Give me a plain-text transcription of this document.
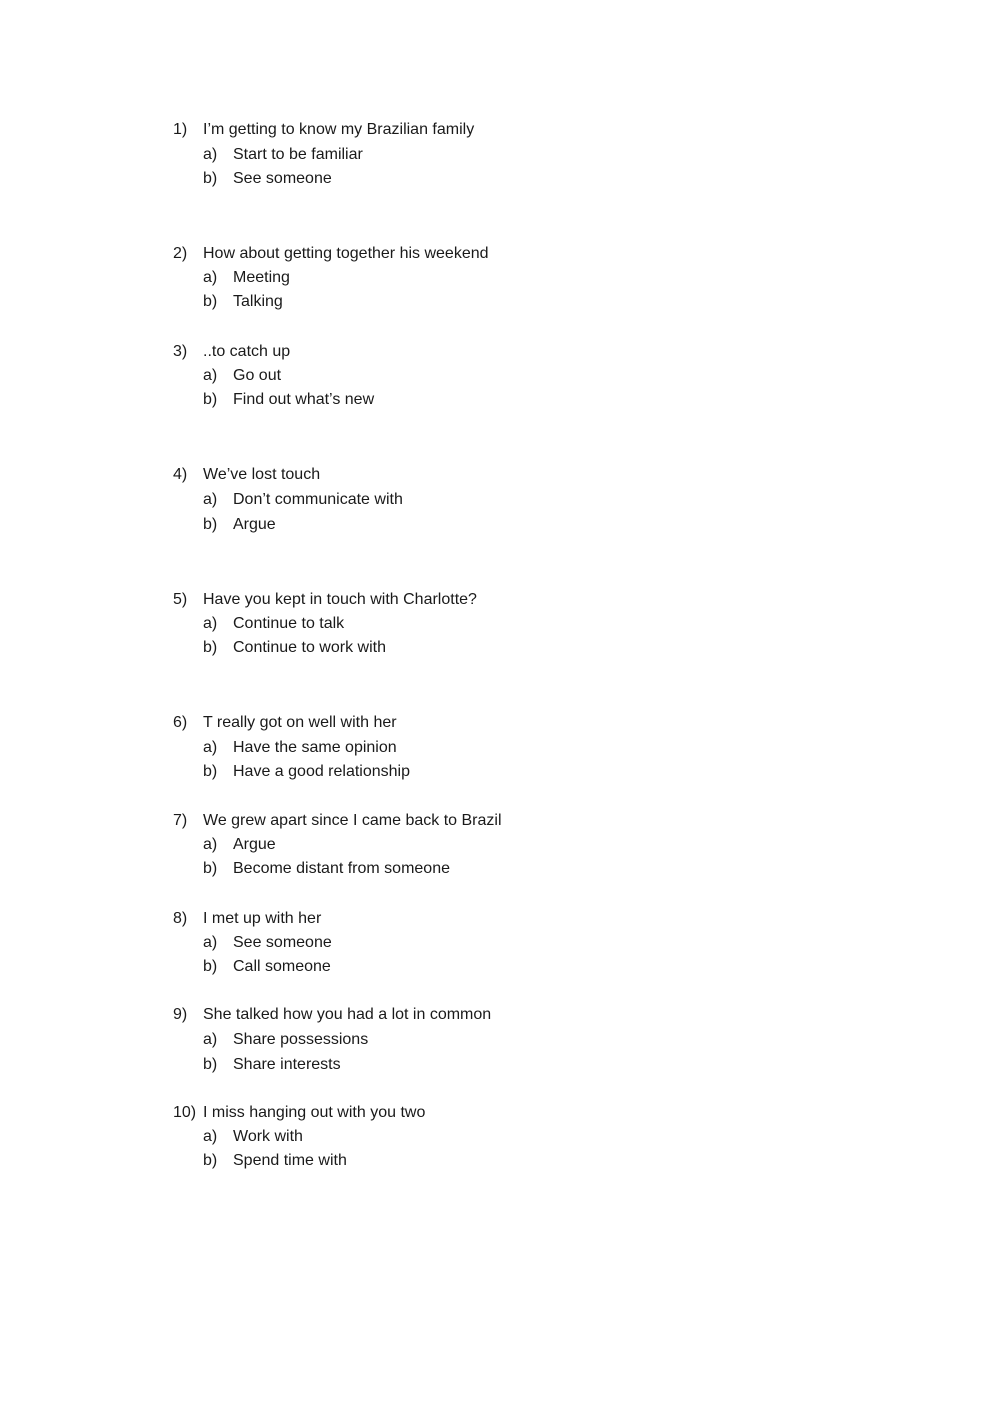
1) I’m getting to know my Brazilian family
a) Start to be familiar
b) See someone
2) How about getting together his weekend
a) Meeting
b) Talking
3) ..to catch up
a) Go out
b) Find out what’s new
4) We’ve lost touch
a) Don’t communicate with
b) Argue
5) Have you kept in touch with Charlotte?
a) Continue to talk
b) Continue to work with
6) T really got on well with her
a) Have the same opinion
b) Have a good relationship
7) We grew apart since I came back to Brazil
a) Argue
b) Become distant from someone
8) I met up with her
a) See someone
b) Call someone
9) She talked how you had a lot in common
a) Share possessions
b) Share interests
10) I miss hanging out with you two
a) Work with
b) Spend time with
